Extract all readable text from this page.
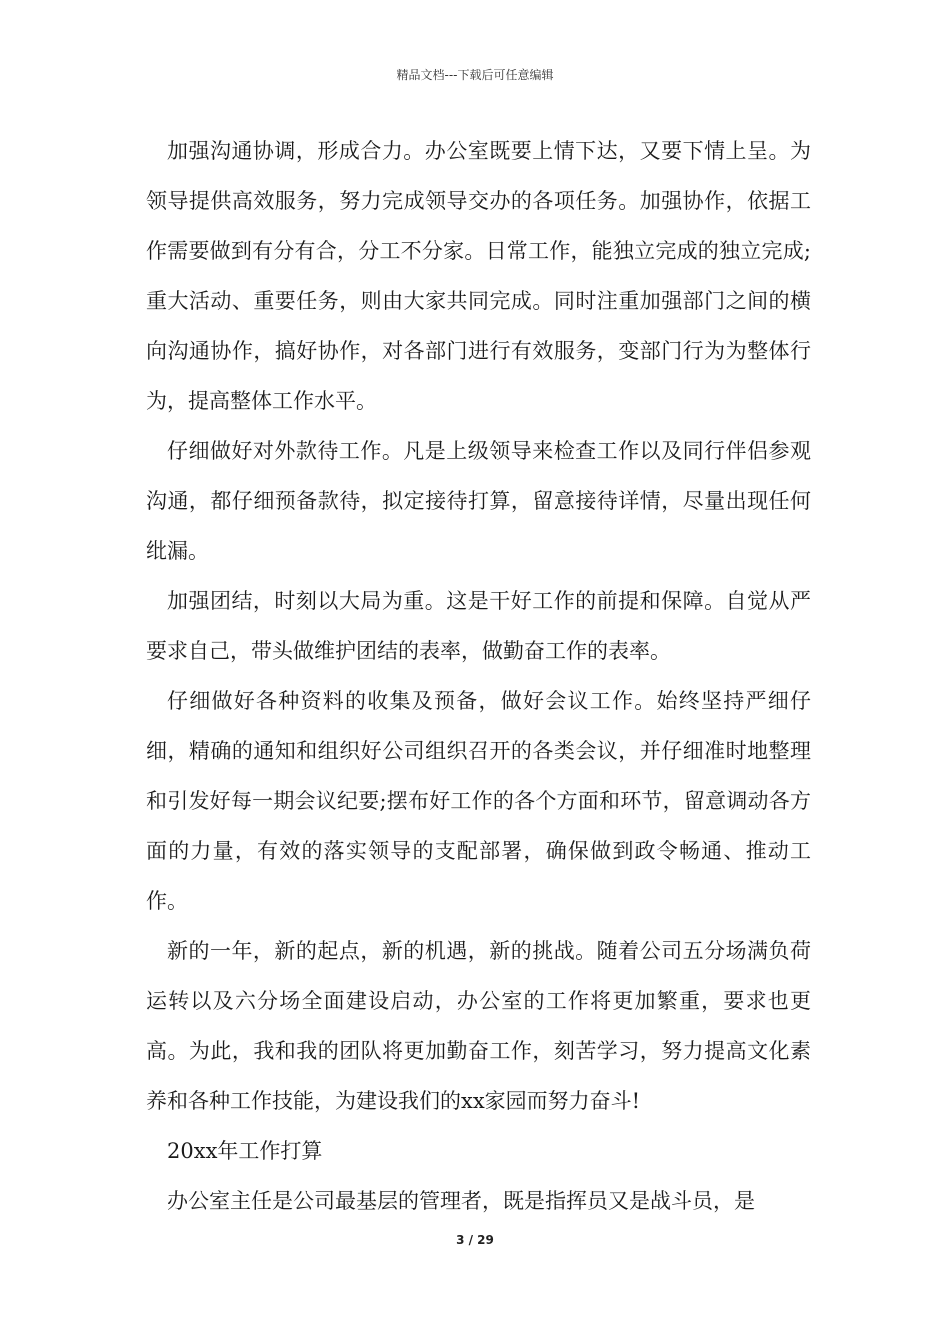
精品文档---下载后可任意编辑

加强沟通协调，形成合力。办公室既要上情下达，又要下情上呈。为领导提供高效服务，努力完成领导交办的各项任务。加强协作，依据工作需要做到有分有合，分工不分家。日常工作，能独立完成的独立完成;重大活动、重要任务，则由大家共同完成。同时注重加强部门之间的横向沟通协作，搞好协作，对各部门进行有效服务，变部门行为为整体行为，提高整体工作水平。

仔细做好对外款待工作。凡是上级领导来检查工作以及同行伴侣参观沟通，都仔细预备款待，拟定接待打算，留意接待详情，尽量出现任何纰漏。

加强团结，时刻以大局为重。这是干好工作的前提和保障。自觉从严要求自己，带头做维护团结的表率，做勤奋工作的表率。

仔细做好各种资料的收集及预备，做好会议工作。始终坚持严细仔细，精确的通知和组织好公司组织召开的各类会议，并仔细准时地整理和引发好每一期会议纪要;摆布好工作的各个方面和环节，留意调动各方面的力量，有效的落实领导的支配部署，确保做到政令畅通、推动工作。

新的一年，新的起点，新的机遇，新的挑战。随着公司五分场满负荷运转以及六分场全面建设启动，办公室的工作将更加繁重，要求也更高。为此，我和我的团队将更加勤奋工作，刻苦学习，努力提高文化素养和各种工作技能，为建设我们的xx家园而努力奋斗!

20xx年工作打算

办公室主任是公司最基层的管理者，既是指挥员又是战斗员，是

3 / 29
